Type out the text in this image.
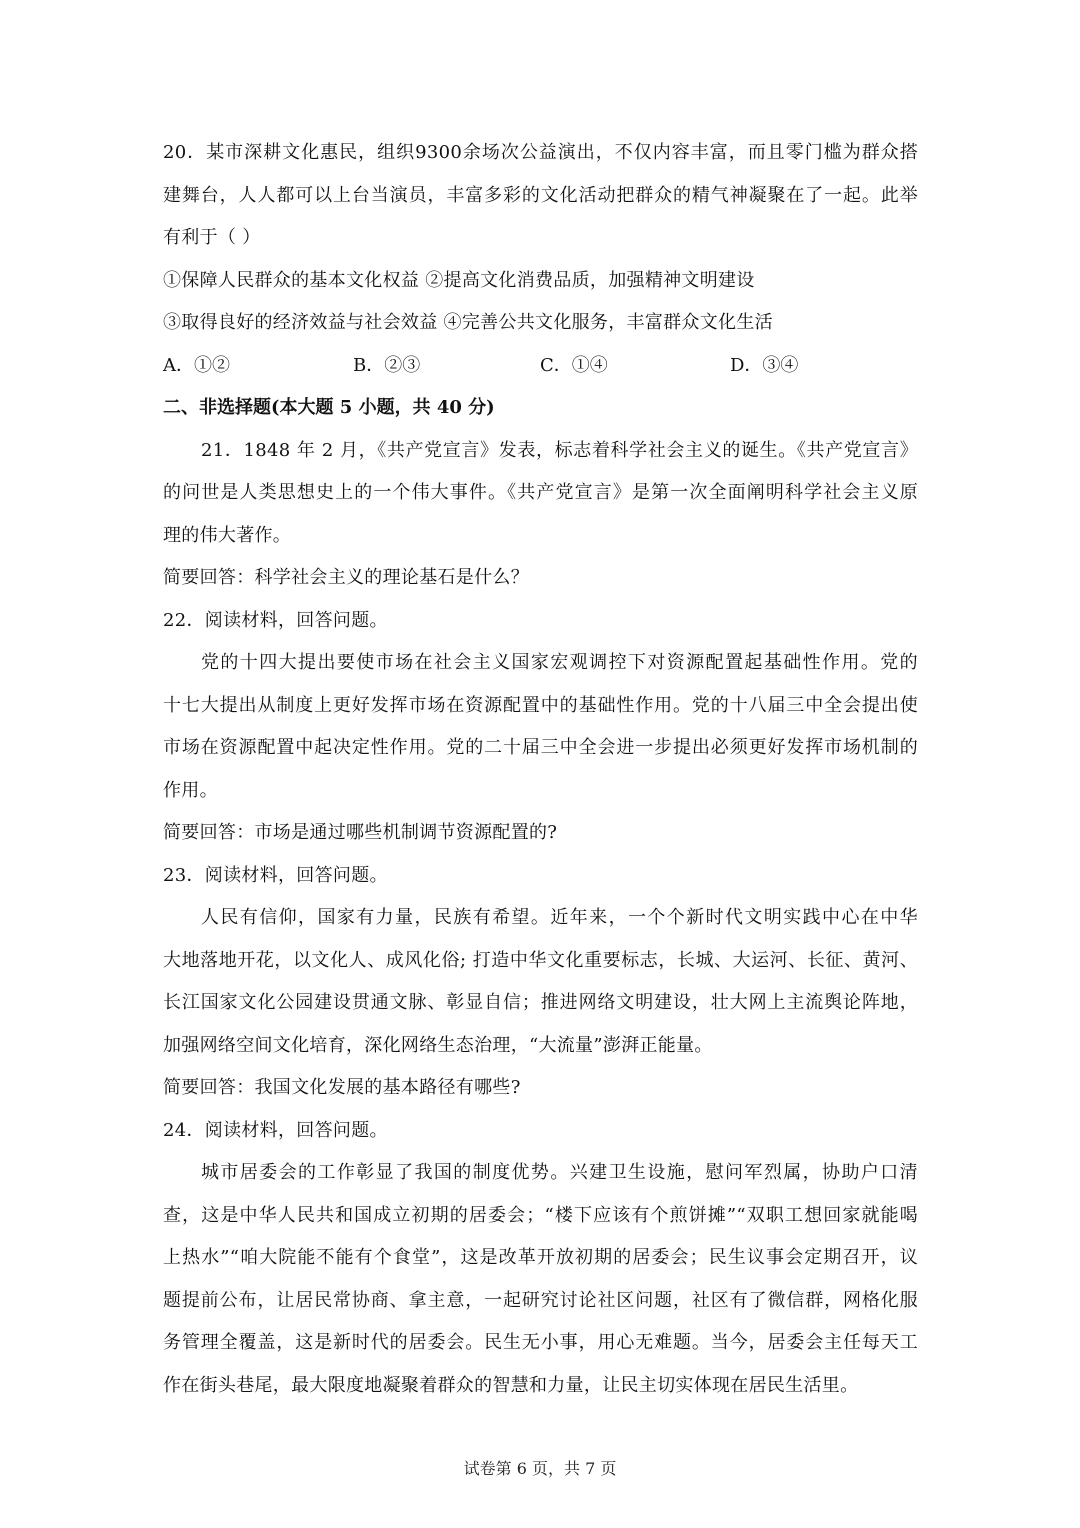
20．某市深耕文化惠民，组织9300余场次公益演出，不仅内容丰富，而且零门槛为群众搭
建舞台，人人都可以上台当演员，丰富多彩的文化活动把群众的精气神凝聚在了一起。此举
有利于（ ）
①保障人民群众的基本文化权益 ②提高文化消费品质，加强精神文明建设
③取得良好的经济效益与社会效益 ④完善公共文化服务，丰富群众文化生活
A．①②	B．②③	C．①④	D．③④
二、非选择题(本大题 5 小题，共 40 分)
21．1848 年 2 月，《共产党宣言》发表，标志着科学社会主义的诞生。《共产党宣言》
的问世是人类思想史上的一个伟大事件。《共产党宣言》是第一次全面阐明科学社会主义原
理的伟大著作。
简要回答：科学社会主义的理论基石是什么？
22．阅读材料，回答问题。
党的十四大提出要使市场在社会主义国家宏观调控下对资源配置起基础性作用。党的
十七大提出从制度上更好发挥市场在资源配置中的基础性作用。党的十八届三中全会提出使
市场在资源配置中起决定性作用。党的二十届三中全会进一步提出必须更好发挥市场机制的
作用。
简要回答：市场是通过哪些机制调节资源配置的?
23．阅读材料，回答问题。
人民有信仰，国家有力量，民族有希望。近年来，一个个新时代文明实践中心在中华
大地落地开花，以文化人、成风化俗; 打造中华文化重要标志，长城、大运河、长征、黄河、
长江国家文化公园建设贯通文脉、彰显自信；推进网络文明建设，壮大网上主流舆论阵地，
加强网络空间文化培育，深化网络生态治理，“大流量”澎湃正能量。
简要回答：我国文化发展的基本路径有哪些?
24．阅读材料，回答问题。
城市居委会的工作彰显了我国的制度优势。兴建卫生设施，慰问军烈属，协助户口清
查，这是中华人民共和国成立初期的居委会；“楼下应该有个煎饼摊”“双职工想回家就能喝
上热水”“咱大院能不能有个食堂”，这是改革开放初期的居委会；民生议事会定期召开，议
题提前公布，让居民常协商、拿主意，一起研究讨论社区问题，社区有了微信群，网格化服
务管理全覆盖，这是新时代的居委会。民生无小事，用心无难题。当今，居委会主任每天工
作在街头巷尾，最大限度地凝聚着群众的智慧和力量，让民主切实体现在居民生活里。
试卷第 6 页，共 7 页
